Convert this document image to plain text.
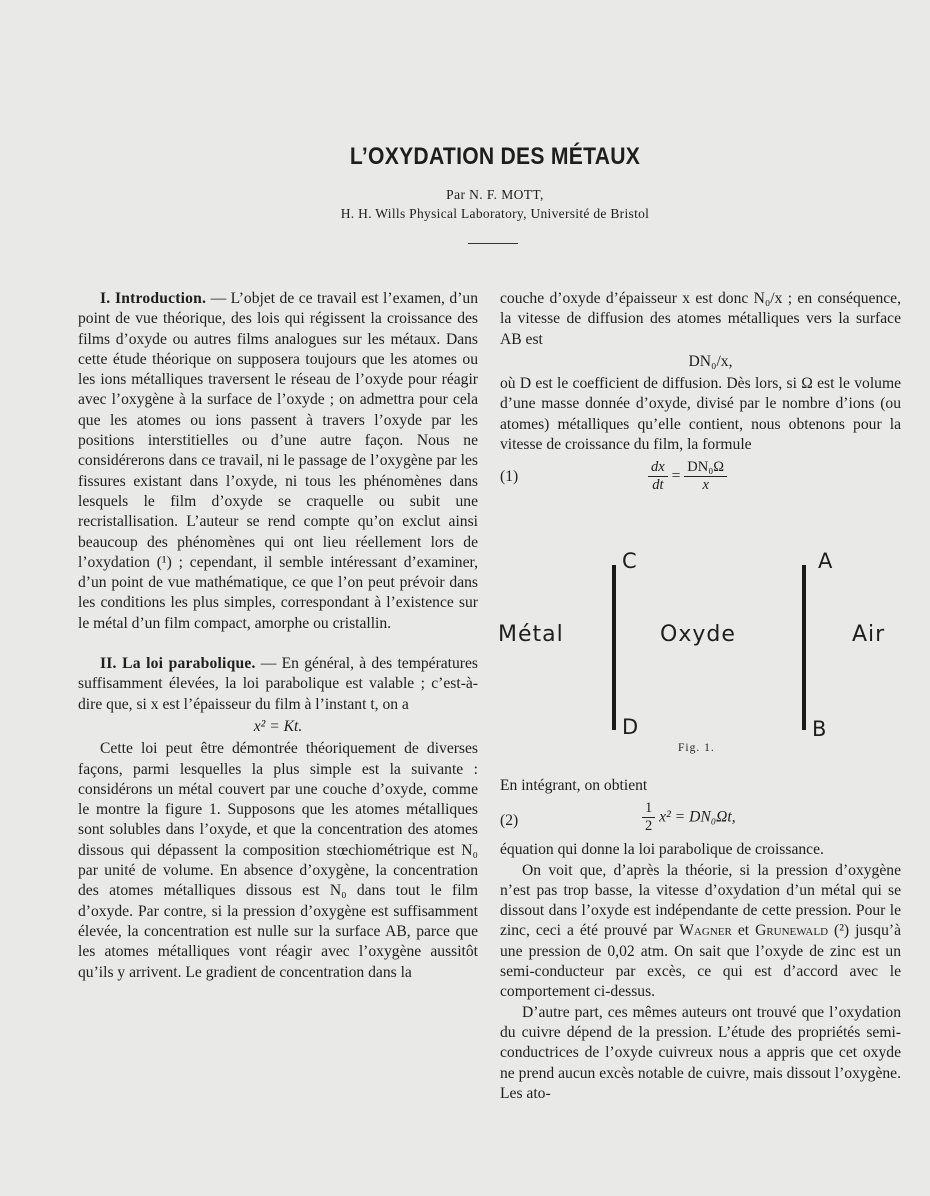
L’OXYDATION DES MÉTAUX
Par N. F. MOTT,
H. H. Wills Physical Laboratory, Université de Bristol

I. Introduction. — L’objet de ce travail est l’examen, d’un point de vue théorique, des lois qui régissent la croissance des films d’oxyde ou autres films analogues sur les métaux. Dans cette étude théorique on supposera toujours que les atomes ou les ions métalliques traversent le réseau de l’oxyde pour réagir avec l’oxygène à la surface de l’oxyde ; on admettra pour cela que les atomes ou ions passent à travers l’oxyde par les positions interstitielles ou d’une autre façon. Nous ne considérerons dans ce travail, ni le passage de l’oxygène par les fissures existant dans l’oxyde, ni tous les phénomènes dans lesquels le film d’oxyde se craquelle ou subit une recristallisation. L’auteur se rend compte qu’on exclut ainsi beaucoup des phénomènes qui ont lieu réellement lors de l’oxydation (¹) ; cependant, il semble intéressant d’examiner, d’un point de vue mathématique, ce que l’on peut prévoir dans les conditions les plus simples, correspondant à l’existence sur le métal d’un film compact, amorphe ou cristallin.

II. La loi parabolique. — En général, à des températures suffisamment élevées, la loi parabolique est valable ; c’est-à-dire que, si x est l’épaisseur du film à l’instant t, on a

x² = Kt.

Cette loi peut être démontrée théoriquement de diverses façons, parmi lesquelles la plus simple est la suivante : considérons un métal couvert par une couche d’oxyde, comme le montre la figure 1. Supposons que les atomes métalliques sont solubles dans l’oxyde, et que la concentration des atomes dissous qui dépassent la composition stœchiométrique est N₀ par unité de volume. En absence d’oxygène, la concentration des atomes métalliques dissous est N₀ dans tout le film d’oxyde. Par contre, si la pression d’oxygène est suffisamment élevée, la concentration est nulle sur la surface AB, parce que les atomes métalliques vont réagir avec l’oxygène aussitôt qu’ils y arrivent. Le gradient de concentration dans la

couche d’oxyde d’épaisseur x est donc N₀/x ; en conséquence, la vitesse de diffusion des atomes métalliques vers la surface AB est

DN₀/x,

où D est le coefficient de diffusion. Dès lors, si Ω est le volume d’une masse donnée d’oxyde, divisé par le nombre d’ions (ou atomes) métalliques qu’elle contient, nous obtenons pour la vitesse de croissance du film, la formule

(1)	$\frac{dx}{dt} = \frac{\text{DN₀Ω}}{x}$
C
D
A
B
Métal	Oxyde	Air
Fig. 1.

En intégrant, on obtient

(2)	$\frac{1}{2} x^2 = DN_0\Omega t$,

équation qui donne la loi parabolique de croissance.

On voit que, d’après la théorie, si la pression d’oxygène n’est pas trop basse, la vitesse d’oxydation d’un métal qui se dissout dans l’oxyde est indépendante de cette pression. Pour le zinc, ceci a été prouvé par Wagner et Grunewald (²) jusqu’à une pression de 0,02 atm. On sait que l’oxyde de zinc est un semi-conducteur par excès, ce qui est d’accord avec le comportement ci-dessus.

D’autre part, ces mêmes auteurs ont trouvé que l’oxydation du cuivre dépend de la pression. L’étude des propriétés semi-conductrices de l’oxyde cuivreux nous a appris que cet oxyde ne prend aucun excès notable de cuivre, mais dissout l’oxygène. Les ato-
